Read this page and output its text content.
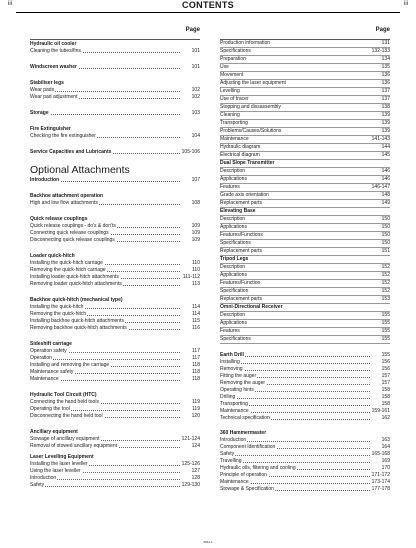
iii	CONTENTS	iii
Page
Hydraulic oil cooler
Cleaning the tubes/fins	101
Windscreen washer	101
Stabiliser legs
Wear pads	102
Wear pad adjustment	102
Storage	103
Fire Extinguisher
Checking the fire extinguisher	104
Service Capacities and Lubricants	105-106
Optional Attachments
Introduction	107
Backhoe attachment operation
High and low flow attachments	108
Quick release couplings
Quick release couplings - do's & don'ts	109
Connecting quick release couplings	109
Disconnecting quick release couplings	109
Loader quick-hitch
Installing the quick-hitch carriage	110
Removing the quick-hitch carriage	110
Installing loader quick-hitch attachments	111-112
Removing loader quick-hitch attachments	113
Backhoe quick-hitch (mechanical type)
Installing the quick-hitch	114
Removing the quick-hitch	114
Installing backhoe quick-hitch attachments	115
Removing backhoe quick-hitch attachments	116
Sideshift carriage
Operation safety	117
Operation	117
Installing and removing the carriage	118
Maintenance safety	118
Maintenance	118
Hydraulic Tool Circuit (HTC)
Connecting the hand held tools	119
Operating the tool	119
Disconnecting the hand held tool	120
Ancillary equipment
Stowage of ancillary equipment	121-124
Removal of stowed ancillary equipment	124
Laser Levelling Equipment
Installing the laser leveller	125-126
Using the laser leveller	127
Introduction	128
Safety	129-130
Page
Production information	131
Specifications	132-133
Preparation	134
Use	135
Movement	136
Adjusting the laser equipment	136
Levelling	137
Use of tracer	137
Stopping and dissassembly	138
Cleaning	139
Transporting	139
Problems/Causes/Solutions	139
Maintenance	141-143
Hydraulic diagram	144
Electrical diagram	145
Dual Slope Transmitter
Description	146
Applications	146
Features	146-147
Grade axis orientation	148
Replacement parts	149
Elevating Base
Description	150
Applications	150
Features/Functions	150
Specifications	150
Replacement parts	151
Tripod Legs
Description	152
Applications	152
Features/Function	152
Specification	152
Replacement parts	153
Omni-Directional Receiver
Description	155
Applications	155
Features	155
Specifications	155
Earth Drill	155
Installing	156
Removing	156
Fitting the auger	157
Removing the auger	157
Operating hints	158
Drilling	158
Transporting	158
Maintenance	159-161
Technical specification	162
360 Hammermaster
Introduction	163
Component Identification	164
Safety	165-168
Travelling	169
Hydraulic oils, filtering and cooling	170
Principle of operation	171-172
Maintenance	173-174
Stowage & Specification	177-178
9842-1
